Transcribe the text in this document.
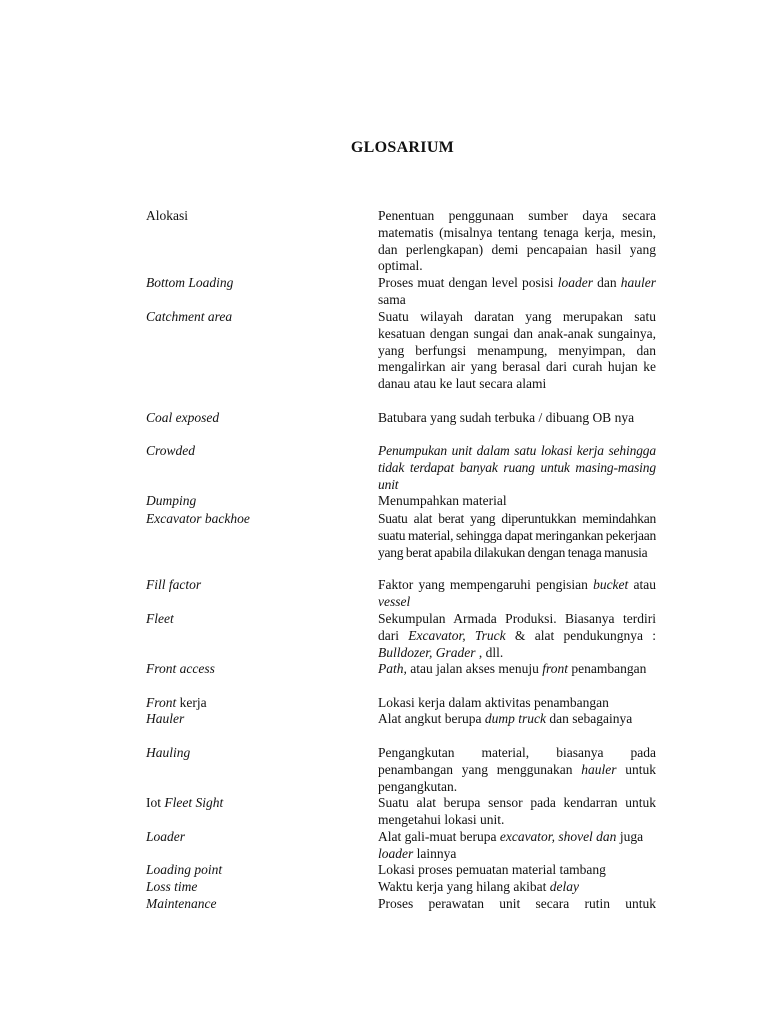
GLOSARIUM
Alokasi	Penentuan penggunaan sumber daya secara matematis (misalnya tentang tenaga kerja, mesin, dan perlengkapan) demi pencapaian hasil yang optimal.
Bottom Loading	Proses muat dengan level posisi loader dan hauler sama
Catchment area	Suatu wilayah daratan yang merupakan satu kesatuan dengan sungai dan anak-anak sungainya, yang berfungsi menampung, menyimpan, dan mengalirkan air yang berasal dari curah hujan ke danau atau ke laut secara alami
Coal exposed	Batubara yang sudah terbuka / dibuang OB nya
Crowded	Penumpukan unit dalam satu lokasi kerja sehingga tidak terdapat banyak ruang untuk masing-masing unit
Dumping	Menumpahkan material
Excavator backhoe	Suatu alat berat yang diperuntukkan memindahkan suatu material, sehingga dapat meringankan pekerjaan yang berat apabila dilakukan dengan tenaga manusia
Fill factor	Faktor yang mempengaruhi pengisian bucket atau vessel
Fleet	Sekumpulan Armada Produksi. Biasanya terdiri dari Excavator, Truck & alat pendukungnya : Bulldozer, Grader , dll.
Front access	Path, atau jalan akses menuju front penambangan
Front kerja	Lokasi kerja dalam aktivitas penambangan
Hauler	Alat angkut berupa dump truck dan sebagainya
Hauling	Pengangkutan material, biasanya pada penambangan yang menggunakan hauler untuk pengangkutan.
Iot Fleet Sight	Suatu alat berupa sensor pada kendarran untuk mengetahui lokasi unit.
Loader	Alat gali-muat berupa excavator, shovel dan juga loader lainnya
Loading point	Lokasi proses pemuatan material tambang
Loss time	Waktu kerja yang hilang akibat delay
Maintenance	Proses perawatan unit secara rutin untuk
